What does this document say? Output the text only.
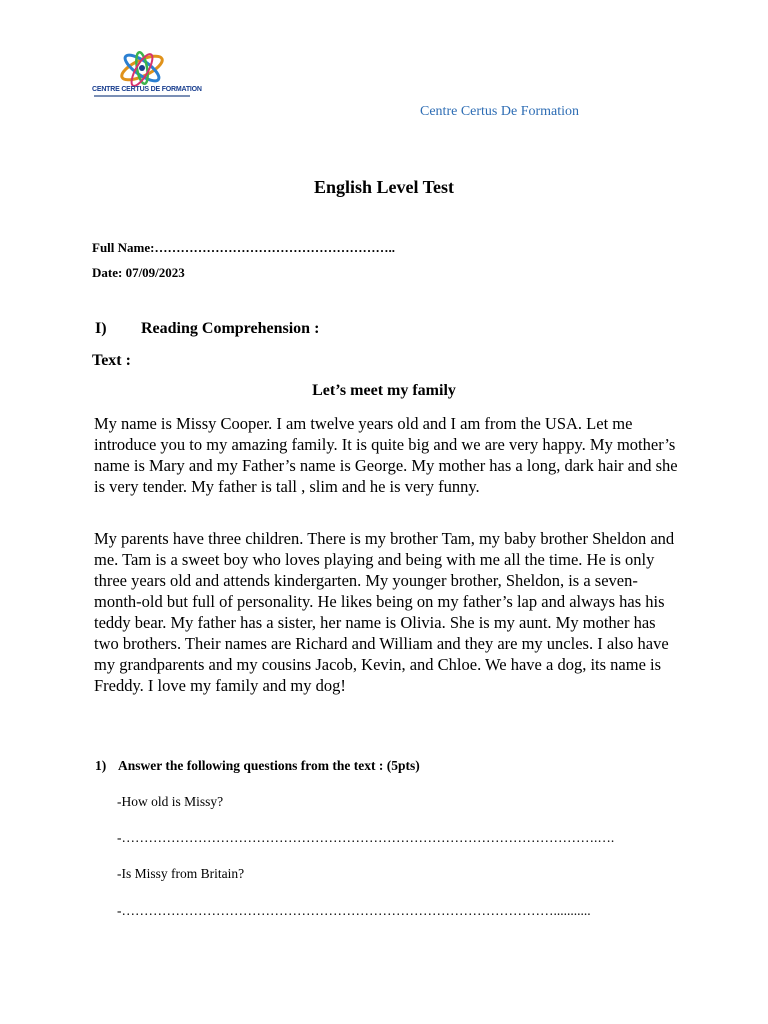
CENTRE CERTUS DE FORMATION
Centre Certus De Formation
English Level Test
Full Name:………………………………………………..
Date: 07/09/2023
I) Reading Comprehension :
Text :
Let’s meet my family

My name is Missy Cooper. I am twelve years old and I am from the USA. Let me introduce you to my amazing family. It is quite big and we are very happy. My mother’s name is Mary and my Father’s name is George. My mother has a long, dark hair and she is very tender. My father is tall , slim and he is very funny.

My parents have three children. There is my brother Tam, my baby brother Sheldon and me. Tam is a sweet boy who loves playing and being with me all the time. He is only three years old and attends kindergarten. My younger brother, Sheldon, is a seven-month-old but full of personality. He likes being on my father’s lap and always has his teddy bear. My father has a sister, her name is Olivia. She is my aunt. My mother has two brothers. Their names are Richard and William and they are my uncles. I also have my grandparents and my cousins Jacob, Kevin, and Chloe. We have a dog, its name is Freddy. I love my family and my dog!

1) Answer the following questions from the text : (5pts)
-How old is Missy?
-…………………………………………………………………………………………….….
-Is Missy from Britain?
-……………………………………………………………………………………...........
